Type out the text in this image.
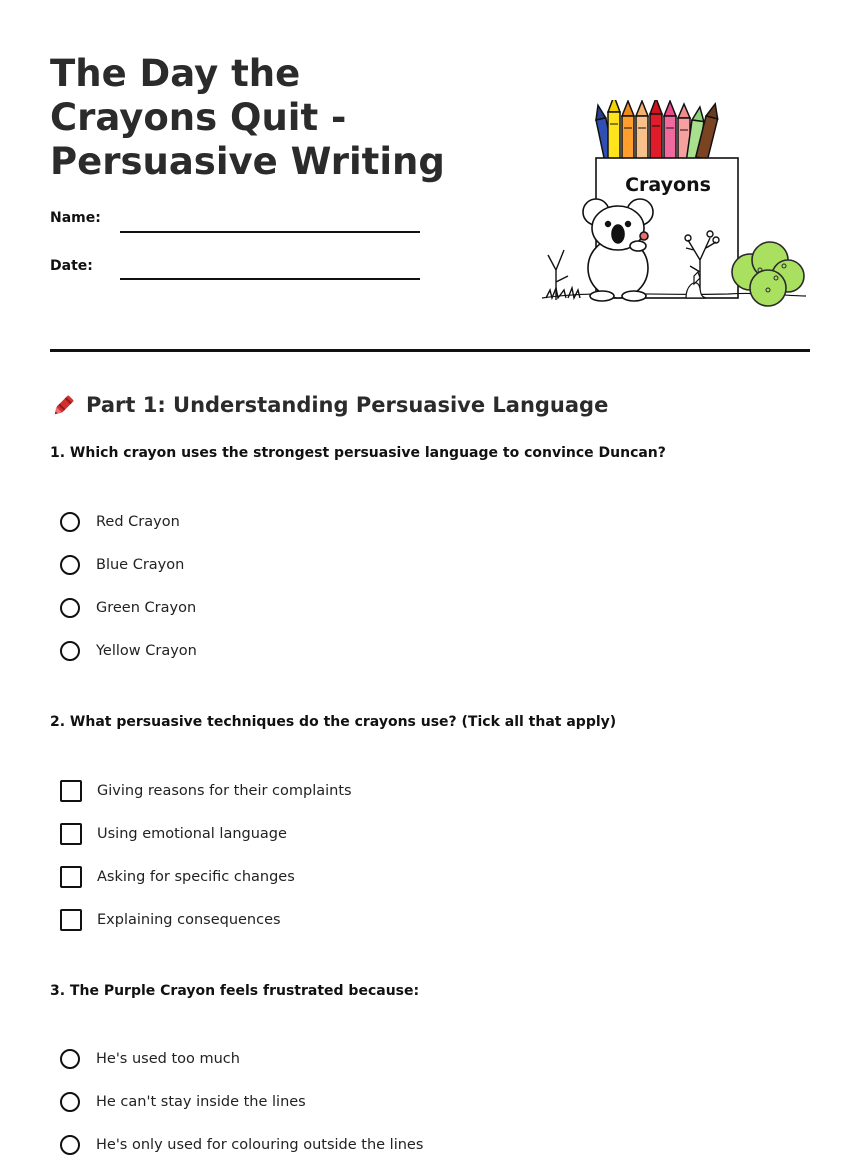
The Day the Crayons Quit - Persuasive Writing
Name:
Date:
Crayons
Part 1: Understanding Persuasive Language
1. Which crayon uses the strongest persuasive language to convince Duncan?
Red Crayon
Blue Crayon
Green Crayon
Yellow Crayon
2. What persuasive techniques do the crayons use? (Tick all that apply)
Giving reasons for their complaints
Using emotional language
Asking for specific changes
Explaining consequences
3. The Purple Crayon feels frustrated because:
He's used too much
He can't stay inside the lines
He's only used for colouring outside the lines
